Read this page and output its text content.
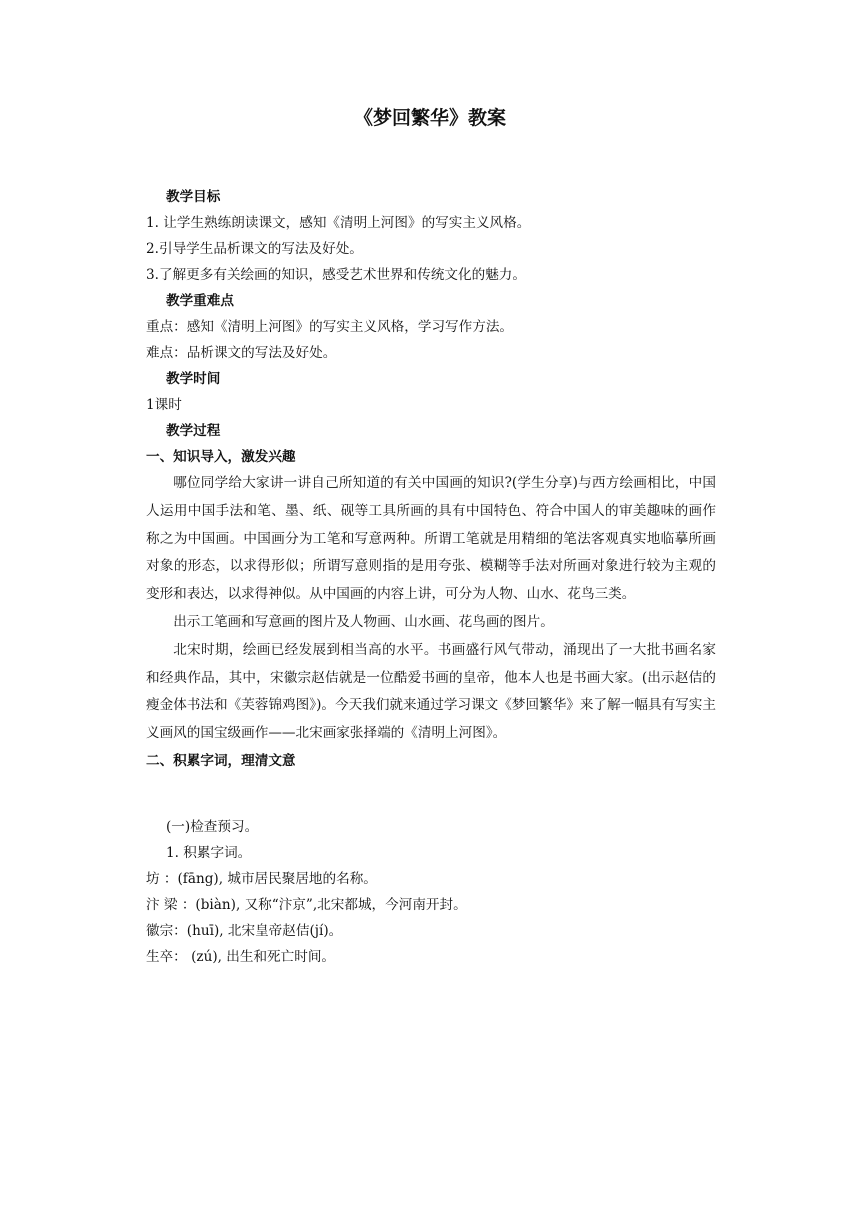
《梦回繁华》教案

教学目标

1. 让学生熟练朗读课文，感知《清明上河图》的写实主义风格。

2.引导学生品析课文的写法及好处。

3.了解更多有关绘画的知识，感受艺术世界和传统文化的魅力。

教学重难点

重点：感知《清明上河图》的写实主义风格，学习写作方法。

难点：品析课文的写法及好处。

教学时间

1课时

教学过程

一、知识导入，激发兴趣

哪位同学给大家讲一讲自己所知道的有关中国画的知识?(学生分享)与西方绘画相比，中国人运用中国手法和笔、墨、纸、砚等工具所画的具有中国特色、符合中国人的审美趣味的画作称之为中国画。中国画分为工笔和写意两种。所谓工笔就是用精细的笔法客观真实地临摹所画对象的形态，以求得形似；所谓写意则指的是用夸张、模糊等手法对所画对象进行较为主观的变形和表达，以求得神似。从中国画的内容上讲，可分为人物、山水、花鸟三类。

出示工笔画和写意画的图片及人物画、山水画、花鸟画的图片。

北宋时期，绘画已经发展到相当高的水平。书画盛行风气带动，涌现出了一大批书画名家和经典作品，其中，宋徽宗赵佶就是一位酷爱书画的皇帝，他本人也是书画大家。(出示赵佶的瘦金体书法和《芙蓉锦鸡图》)。今天我们就来通过学习课文《梦回繁华》来了解一幅具有写实主义画风的国宝级画作——北宋画家张择端的《清明上河图》。

二、积累字词，理清文意

(一)检查预习。

1. 积累字词。

坊 ：(fāng), 城市居民聚居地的名称。

汴 梁 ：(biàn), 又称“汴京”,北宋都城，今河南开封。

徽宗：(huī), 北宋皇帝赵佶(jí)。

生卒： (zú), 出生和死亡时间。
